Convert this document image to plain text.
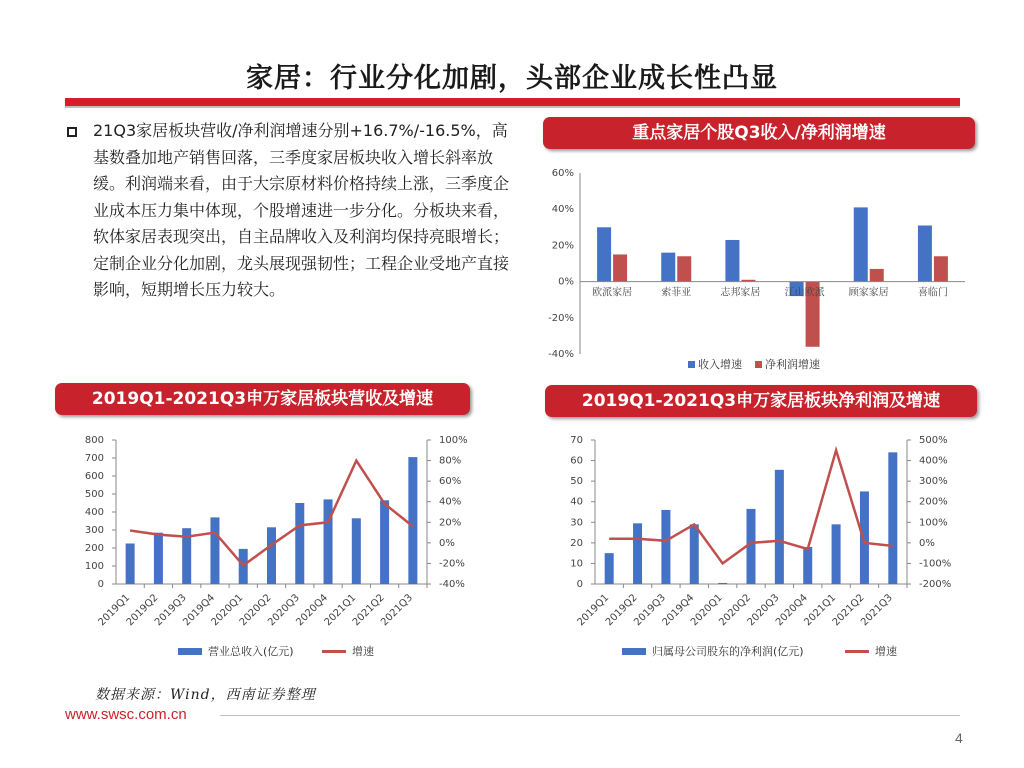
家居：行业分化加剧，头部企业成长性凸显
21Q3家居板块营收/净利润增速分别+16.7%/-16.5%，高基数叠加地产销售回落，三季度家居板块收入增长斜率放缓。利润端来看，由于大宗原材料价格持续上涨，三季度企业成本压力集中体现，个股增速进一步分化。分板块来看，软体家居表现突出，自主品牌收入及利润均保持亮眼增长；定制企业分化加剧，龙头展现强韧性；工程企业受地产直接影响，短期增长压力较大。
重点家居个股Q3收入/净利润增速
60%
40%
20%
0%
-20%
-40%
欧派家居	索菲亚	志邦家居 江山欧派 顾家家居	喜临门
收入增速 净利润增速
2019Q1-2021Q3申万家居板块营收及增速
800
700
600
500
400
300
200
100
0
100%
80%
60%
40%
20%
0%
-20%
-40%
2019Q1
2019Q2
2019Q3
2019Q4
2020Q1
2020Q2
2020Q3
2020Q4
2021Q1
2021Q2
2021Q3
营业总收入(亿元)	增速
2019Q1-2021Q3申万家居板块净利润及增速
70
60
50
40
30
20
10
0
500%
400%
300%
200%
100%
0%
-100%
-200%
2019Q1
2019Q2
2019Q3
2019Q4
2020Q1
2020Q2
2020Q3
2020Q4
2021Q1
2021Q2
2021Q3
归属母公司股东的净利润(亿元)	增速
数据来源：Wind，西南证券整理
www.swsc.com.cn
4
